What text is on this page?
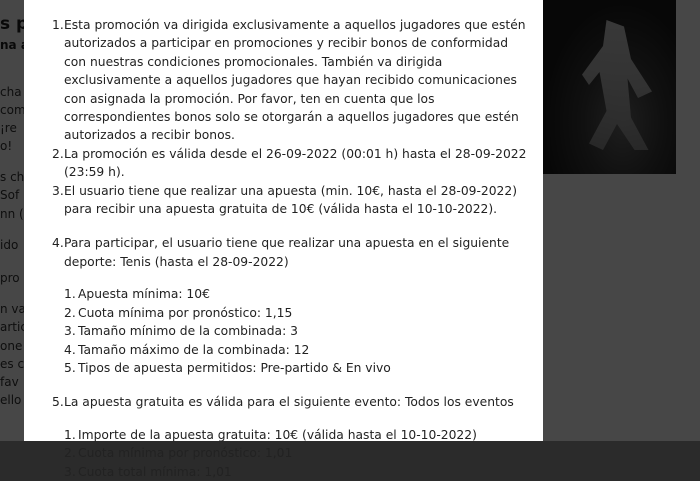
1. Esta promoción va dirigida exclusivamente a aquellos jugadores que estén autorizados a participar en promociones y recibir bonos de conformidad con nuestras condiciones promocionales. También va dirigida exclusivamente a aquellos jugadores que hayan recibido comunicaciones con asignada la promoción. Por favor, ten en cuenta que los correspondientes bonos solo se otorgarán a aquellos jugadores que estén autorizados a recibir bonos.
2. La promoción es válida desde el 26-09-2022 (00:01 h) hasta el 28-09-2022 (23:59 h).
3. El usuario tiene que realizar una apuesta (min. 10€, hasta el 28-09-2022) para recibir una apuesta gratuita de 10€ (válida hasta el 10-10-2022).
4. Para participar, el usuario tiene que realizar una apuesta en el siguiente deporte: Tenis (hasta el 28-09-2022)
1. Apuesta mínima: 10€
2. Cuota mínima por pronóstico: 1,15
3. Tamaño mínimo de la combinada: 3
4. Tamaño máximo de la combinada: 12
5. Tipos de apuesta permitidos: Pre-partido & En vivo
5. La apuesta gratuita es válida para el siguiente evento: Todos los eventos
1. Importe de la apuesta gratuita: 10€ (válida hasta el 10-10-2022)
2. Cuota mínima por pronóstico: 1,01
3. Cuota total mínima: 1,01
